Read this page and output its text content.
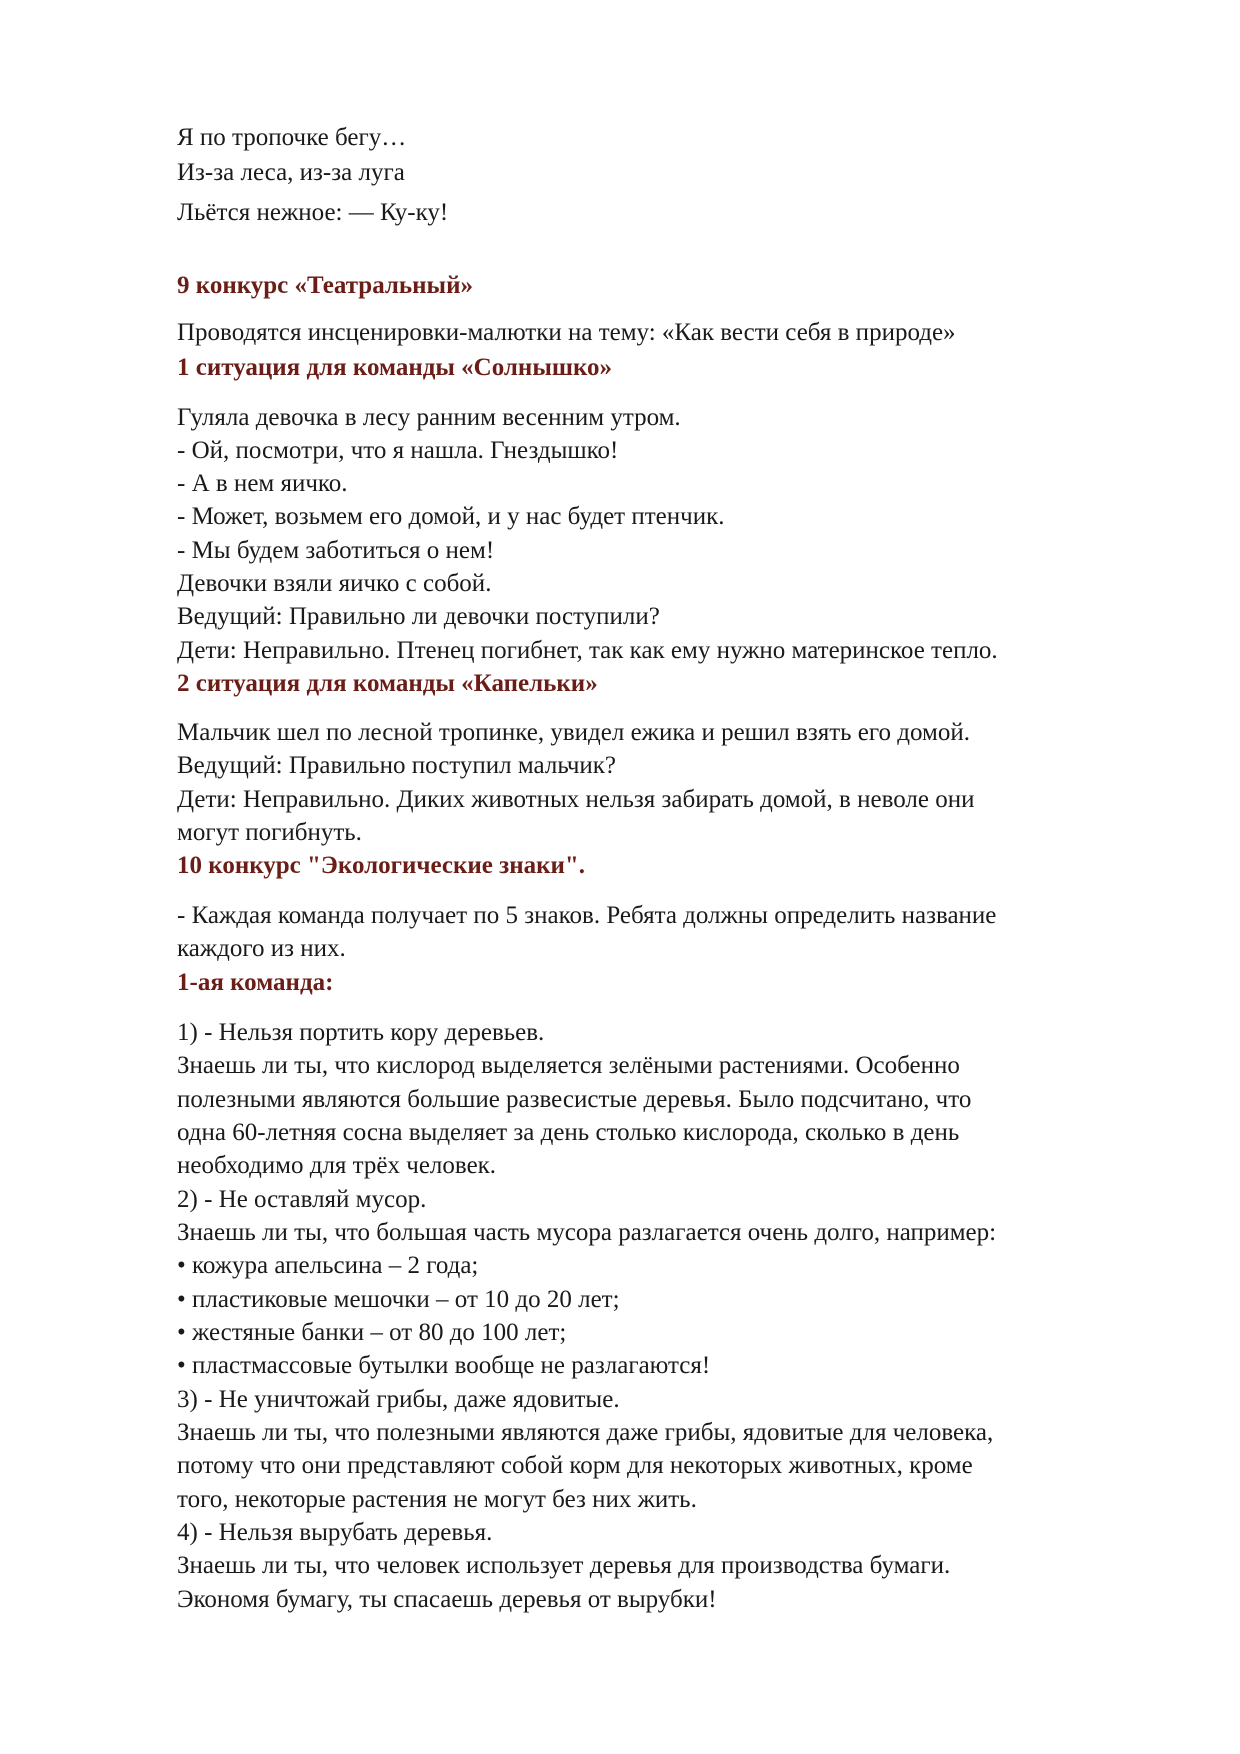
Я по тропочке бегу…
Из-за леса, из-за луга
Льётся нежное: — Ку-ку!
9 конкурс «Театральный»
Проводятся инсценировки-малютки на тему: «Как вести себя в природе»
1 ситуация для команды «Солнышко»
Гуляла девочка в лесу ранним весенним утром.
- Ой, посмотри, что я нашла. Гнездышко!
- А в нем яичко.
- Может, возьмем его домой, и у нас будет птенчик.
- Мы будем заботиться о нем!
Девочки взяли яичко с собой.
Ведущий: Правильно ли девочки поступили?
Дети: Неправильно. Птенец погибнет, так как ему нужно материнское тепло.
2 ситуация для команды «Капельки»
Мальчик шел по лесной тропинке, увидел ежика и решил взять его домой.
Ведущий: Правильно поступил мальчик?
Дети: Неправильно. Диких животных нельзя забирать домой, в неволе они
могут погибнуть.
10 конкурс "Экологические знаки".
- Каждая команда получает по 5 знаков. Ребята должны определить название
каждого из них.
1-ая команда:
1) - Нельзя портить кору деревьев.
Знаешь ли ты, что кислород выделяется зелёными растениями. Особенно
полезными являются большие развесистые деревья. Было подсчитано, что
одна 60-летняя сосна выделяет за день столько кислорода, сколько в день
необходимо для трёх человек.
2) - Не оставляй мусор.
Знаешь ли ты, что большая часть мусора разлагается очень долго, например:
• кожура апельсина – 2 года;
• пластиковые мешочки – от 10 до 20 лет;
• жестяные банки – от 80 до 100 лет;
• пластмассовые бутылки вообще не разлагаются!
3) - Не уничтожай грибы, даже ядовитые.
Знаешь ли ты, что полезными являются даже грибы, ядовитые для человека,
потому что они представляют собой корм для некоторых животных, кроме
того, некоторые растения не могут без них жить.
4) - Нельзя вырубать деревья.
Знаешь ли ты, что человек использует деревья для производства бумаги.
Экономя бумагу, ты спасаешь деревья от вырубки!
